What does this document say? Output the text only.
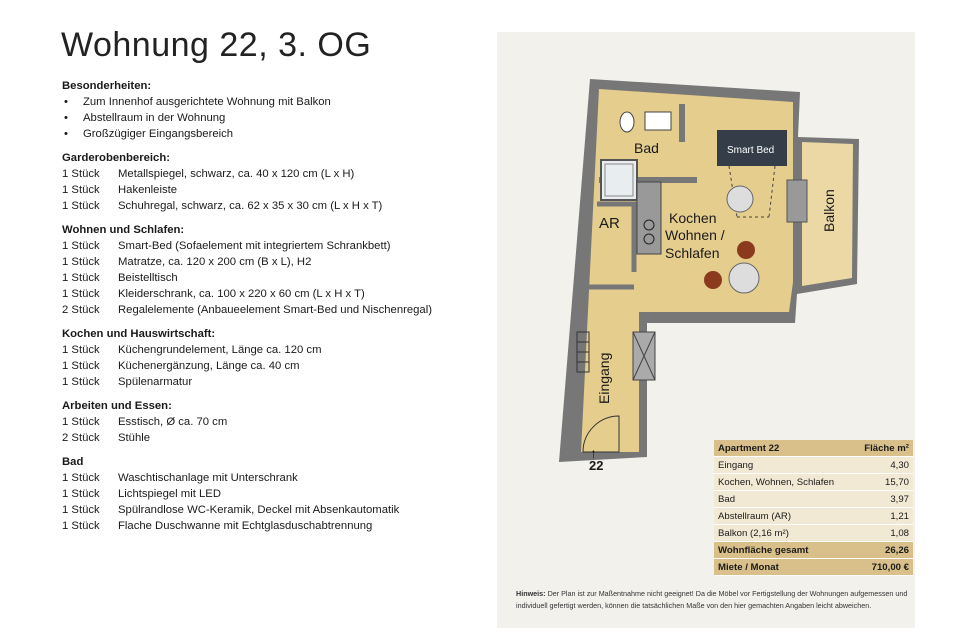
Wohnung 22, 3. OG
Besonderheiten:
• Zum Innenhof ausgerichtete Wohnung mit Balkon
• Abstellraum in der Wohnung
• Großzügiger Eingangsbereich
Garderobenbereich:
1 Stück	Metallspiegel, schwarz, ca. 40 x 120 cm (L x H)
1 Stück	Hakenleiste
1 Stück	Schuhregal, schwarz, ca. 62 x 35 x 30 cm (L x H x T)
Wohnen und Schlafen:
1 Stück	Smart-Bed (Sofaelement mit integriertem Schrankbett)
1 Stück	Matratze, ca. 120 x 200 cm (B x L), H2
1 Stück	Beistelltisch
1 Stück	Kleiderschrank, ca. 100 x 220 x 60 cm (L x H x T)
2 Stück	Regalelemente (Anbaueelement Smart-Bed und Nischenregal)
Kochen und Hauswirtschaft:
1 Stück	Küchengrundelement, Länge ca. 120 cm
1 Stück	Küchenergänzung, Länge ca. 40 cm
1 Stück	Spülenarmatur
Arbeiten und Essen:
1 Stück	Esstisch, Ø ca. 70 cm
2 Stück	Stühle
Bad
1 Stück	Waschtischanlage mit Unterschrank
1 Stück	Lichtspiegel mit LED
1 Stück	Spülrandlose WC-Keramik, Deckel mit Absenkautomatik
1 Stück	Flache Duschwanne mit Echtglasduschabtrennung
Bad	Smart Bed
AR	Kochen
Wohnen /
Schlafen
Balkon
Eingang
↑
22
Apartment 22	Fläche m²
Eingang	4,30
Kochen, Wohnen, Schlafen	15,70
Bad	3,97
Abstellraum (AR)	1,21
Balkon (2,16 m²)	1,08
Wohnfläche gesamt	26,26
Miete / Monat	710,00 €
Hinweis: Der Plan ist zur Maßentnahme nicht geeignet! Da die Möbel vor Fertigstellung der Wohnungen aufgemessen und individuell gefertigt werden, können die tatsächlichen Maße von den hier gemachten Angaben leicht abweichen.
